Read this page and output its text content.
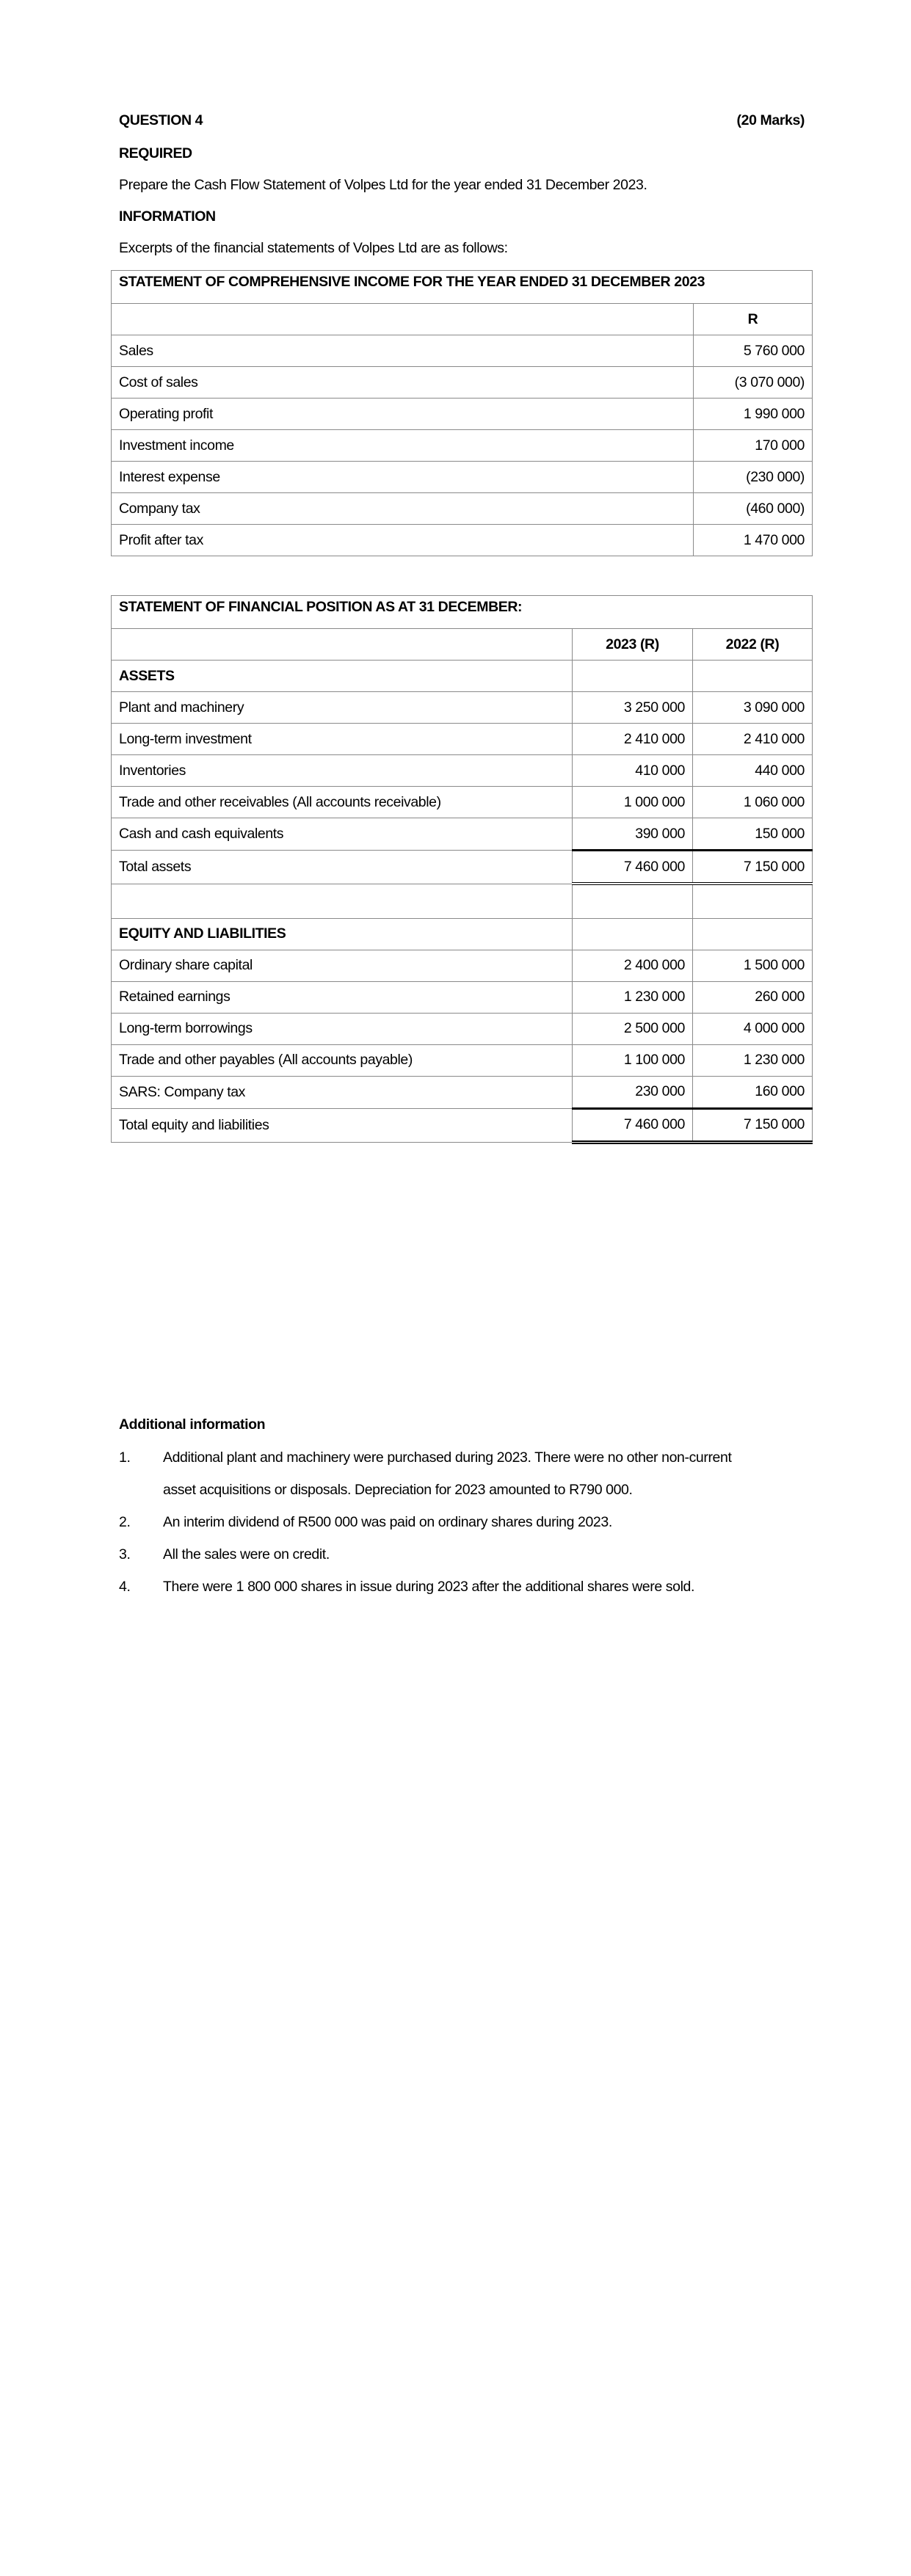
QUESTION 4	(20 Marks)
REQUIRED
Prepare the Cash Flow Statement of Volpes Ltd for the year ended 31 December 2023.
INFORMATION
Excerpts of the financial statements of Volpes Ltd are as follows:
STATEMENT OF COMPREHENSIVE INCOME FOR THE YEAR ENDED 31 DECEMBER 2023	
	R
Sales	5 760 000
Cost of sales	(3 070 000)
Operating profit	1 990 000
Investment income	170 000
Interest expense	(230 000)
Company tax	(460 000)
Profit after tax	1 470 000
STATEMENT OF FINANCIAL POSITION AS AT 31 DECEMBER:		
	2023 (R)	2022 (R)
ASSETS		
Plant and machinery	3 250 000	3 090 000
Long-term investment	2 410 000	2 410 000
Inventories	410 000	440 000
Trade and other receivables (All accounts receivable)	1 000 000	1 060 000
Cash and cash equivalents	390 000	150 000
Total assets	7 460 000	7 150 000

EQUITY AND LIABILITIES		
Ordinary share capital	2 400 000	1 500 000
Retained earnings	1 230 000	260 000
Long-term borrowings	2 500 000	4 000 000
Trade and other payables (All accounts payable)	1 100 000	1 230 000
SARS: Company tax	230 000	160 000
Total equity and liabilities	7 460 000	7 150 000
Additional information
1.	Additional plant and machinery were purchased during 2023. There were no other non-current
asset acquisitions or disposals. Depreciation for 2023 amounted to R790 000.
2.	An interim dividend of R500 000 was paid on ordinary shares during 2023.
3.	All the sales were on credit.
4.	There were 1 800 000 shares in issue during 2023 after the additional shares were sold.
